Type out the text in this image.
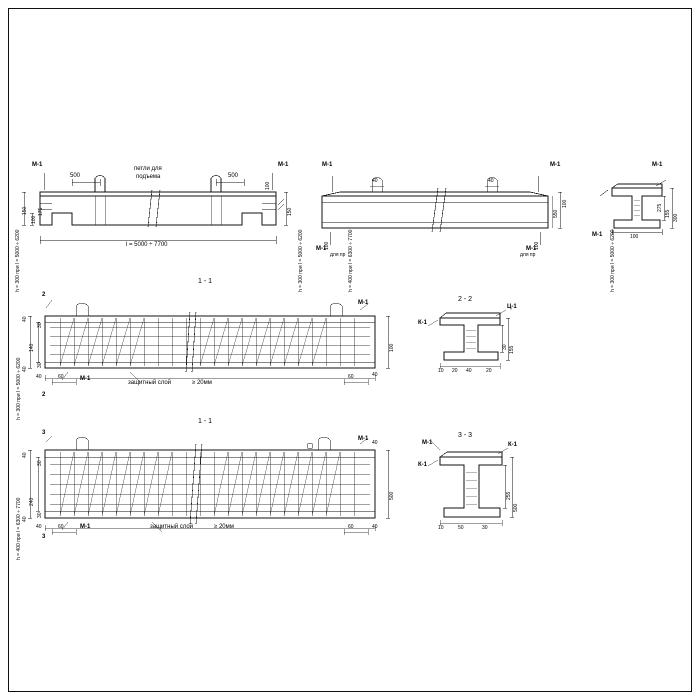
М-1	М-1
500	500
петли для
подъема
l = 5000 ÷ 7700
150
100
175	150
100
h = 300 при l = 5000 ÷ 6200
М-1	М-1
М-1	М-1
для пр	для пр
40	40
550
100
100	100
h = 300 при l = 5000 ÷ 6200	h = 400 при l = 6300 ÷ 7700
М-1
М-1
300
155
275
100
h = 300 при l = 5000 ÷ 6200
1 - 1
2
2
М-1
М-1
защитный слой	≥ 20мм
140
30
30
40
40
100
40
40	60	60
h = 300 при l = 5000 ÷ 6200
2 - 2
К-1
Ц-1
155
30
10 20 40	20
1 - 1
3
3
М-1
М-1	защитный слой	≥ 20мм
240
30
30
40
40
500
40	60	60	40
h = 400 при l = 6300 ÷ 7700
40
3 - 3
М-1
К-1
К-1
500
255
10	50	30
